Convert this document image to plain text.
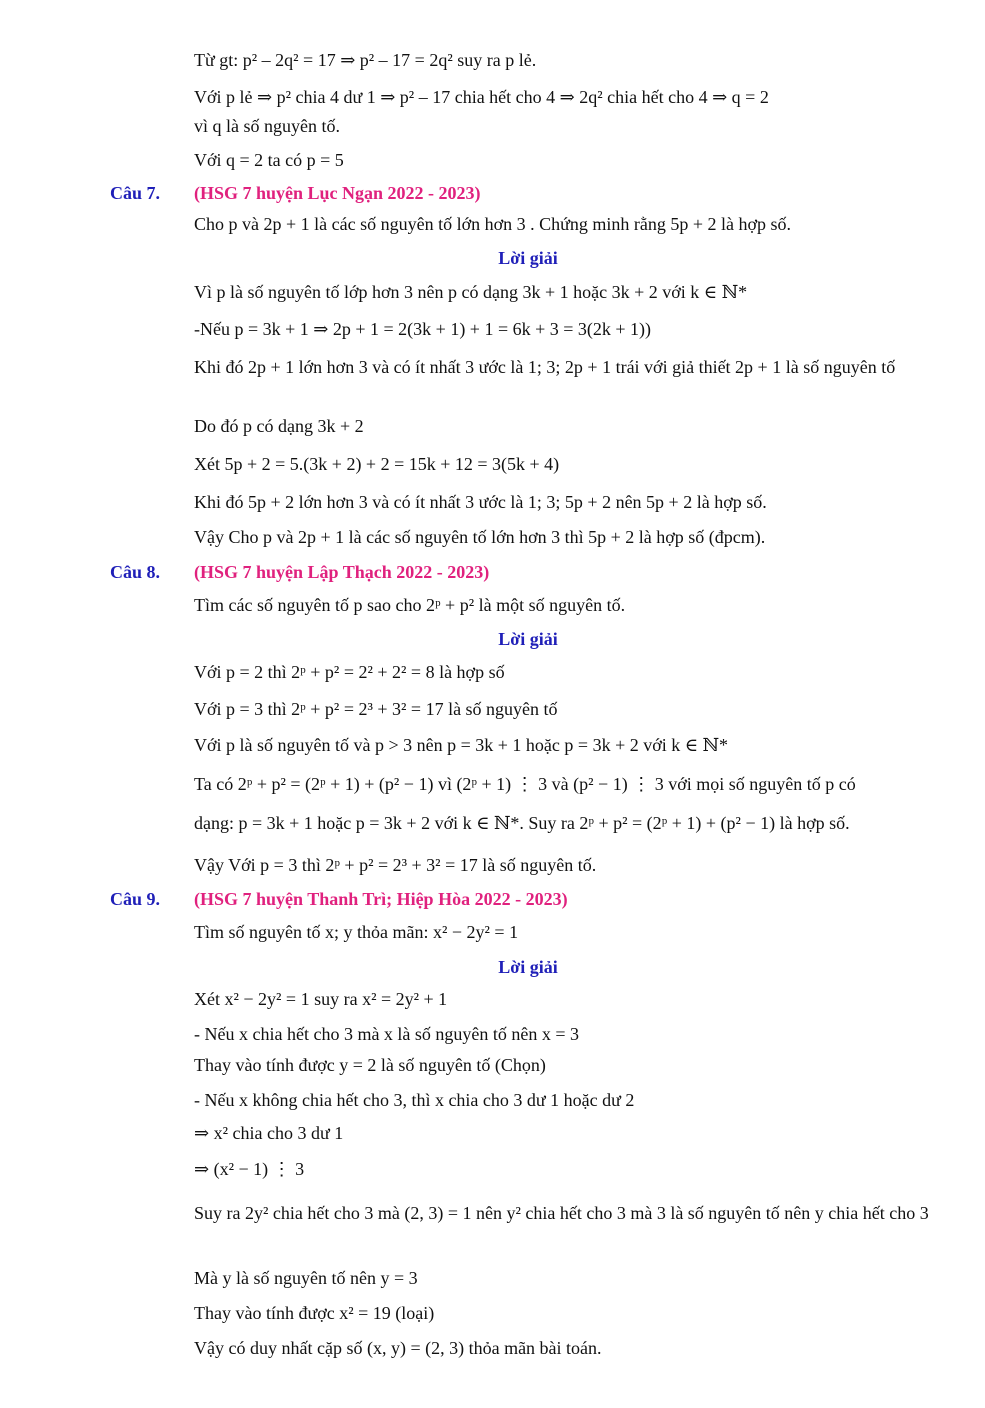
Từ gt: p² – 2q² = 17 ⇒ p² – 17 = 2q² suy ra p lẻ.
Với p lẻ ⇒ p² chia 4 dư 1 ⇒ p² – 17 chia hết cho 4 ⇒ 2q² chia hết cho 4 ⇒ q = 2
vì q là số nguyên tố.
Với q = 2 ta có p = 5
Câu 7. (HSG 7 huyện Lục Ngạn 2022 - 2023)
Cho p và 2p + 1 là các số nguyên tố lớn hơn 3 . Chứng minh rằng 5p + 2 là hợp số.
Lời giải
Vì p là số nguyên tố lớp hơn 3 nên p có dạng 3k + 1 hoặc 3k + 2 với k ∈ ℕ*
-Nếu p = 3k + 1 ⇒ 2p + 1 = 2(3k + 1) + 1 = 6k + 3 = 3(2k + 1))
Khi đó 2p + 1 lớn hơn 3 và có ít nhất 3 ước là 1; 3; 2p + 1 trái với giả thiết 2p + 1 là số nguyên tố
Do đó p có dạng 3k + 2
Xét 5p + 2 = 5.(3k + 2) + 2 = 15k + 12 = 3(5k + 4)
Khi đó 5p + 2 lớn hơn 3 và có ít nhất 3 ước là 1; 3; 5p + 2 nên 5p + 2 là hợp số.
Vậy Cho p và 2p + 1 là các số nguyên tố lớn hơn 3 thì 5p + 2 là hợp số (đpcm).
Câu 8. (HSG 7 huyện Lập Thạch 2022 - 2023)
Tìm các số nguyên tố p sao cho 2ᵖ + p² là một số nguyên tố.
Lời giải
Với p = 2 thì 2ᵖ + p² = 2² + 2² = 8 là hợp số
Với p = 3 thì 2ᵖ + p² = 2³ + 3² = 17 là số nguyên tố
Với p là số nguyên tố và p > 3 nên p = 3k + 1 hoặc p = 3k + 2 với k ∈ ℕ*
Ta có 2ᵖ + p² = (2ᵖ + 1) + (p² − 1) vì (2ᵖ + 1) ⋮ 3 và (p² − 1) ⋮ 3 với mọi số nguyên tố p có
dạng: p = 3k + 1 hoặc p = 3k + 2 với k ∈ ℕ*. Suy ra 2ᵖ + p² = (2ᵖ + 1) + (p² − 1) là hợp số.
Vậy Với p = 3 thì 2ᵖ + p² = 2³ + 3² = 17 là số nguyên tố.
Câu 9. (HSG 7 huyện Thanh Trì; Hiệp Hòa 2022 - 2023)
Tìm số nguyên tố x; y thỏa mãn: x² − 2y² = 1
Lời giải
Xét x² − 2y² = 1 suy ra x² = 2y² + 1
- Nếu x chia hết cho 3 mà x là số nguyên tố nên x = 3
Thay vào tính được y = 2 là số nguyên tố (Chọn)
- Nếu x không chia hết cho 3, thì x chia cho 3 dư 1 hoặc dư 2
⇒ x² chia cho 3 dư 1
⇒ (x² − 1) ⋮ 3
Suy ra 2y² chia hết cho 3 mà (2, 3) = 1 nên y² chia hết cho 3 mà 3 là số nguyên tố nên y chia hết cho 3
Mà y là số nguyên tố nên y = 3
Thay vào tính được x² = 19 (loại)
Vậy có duy nhất cặp số (x, y) = (2, 3) thỏa mãn bài toán.
